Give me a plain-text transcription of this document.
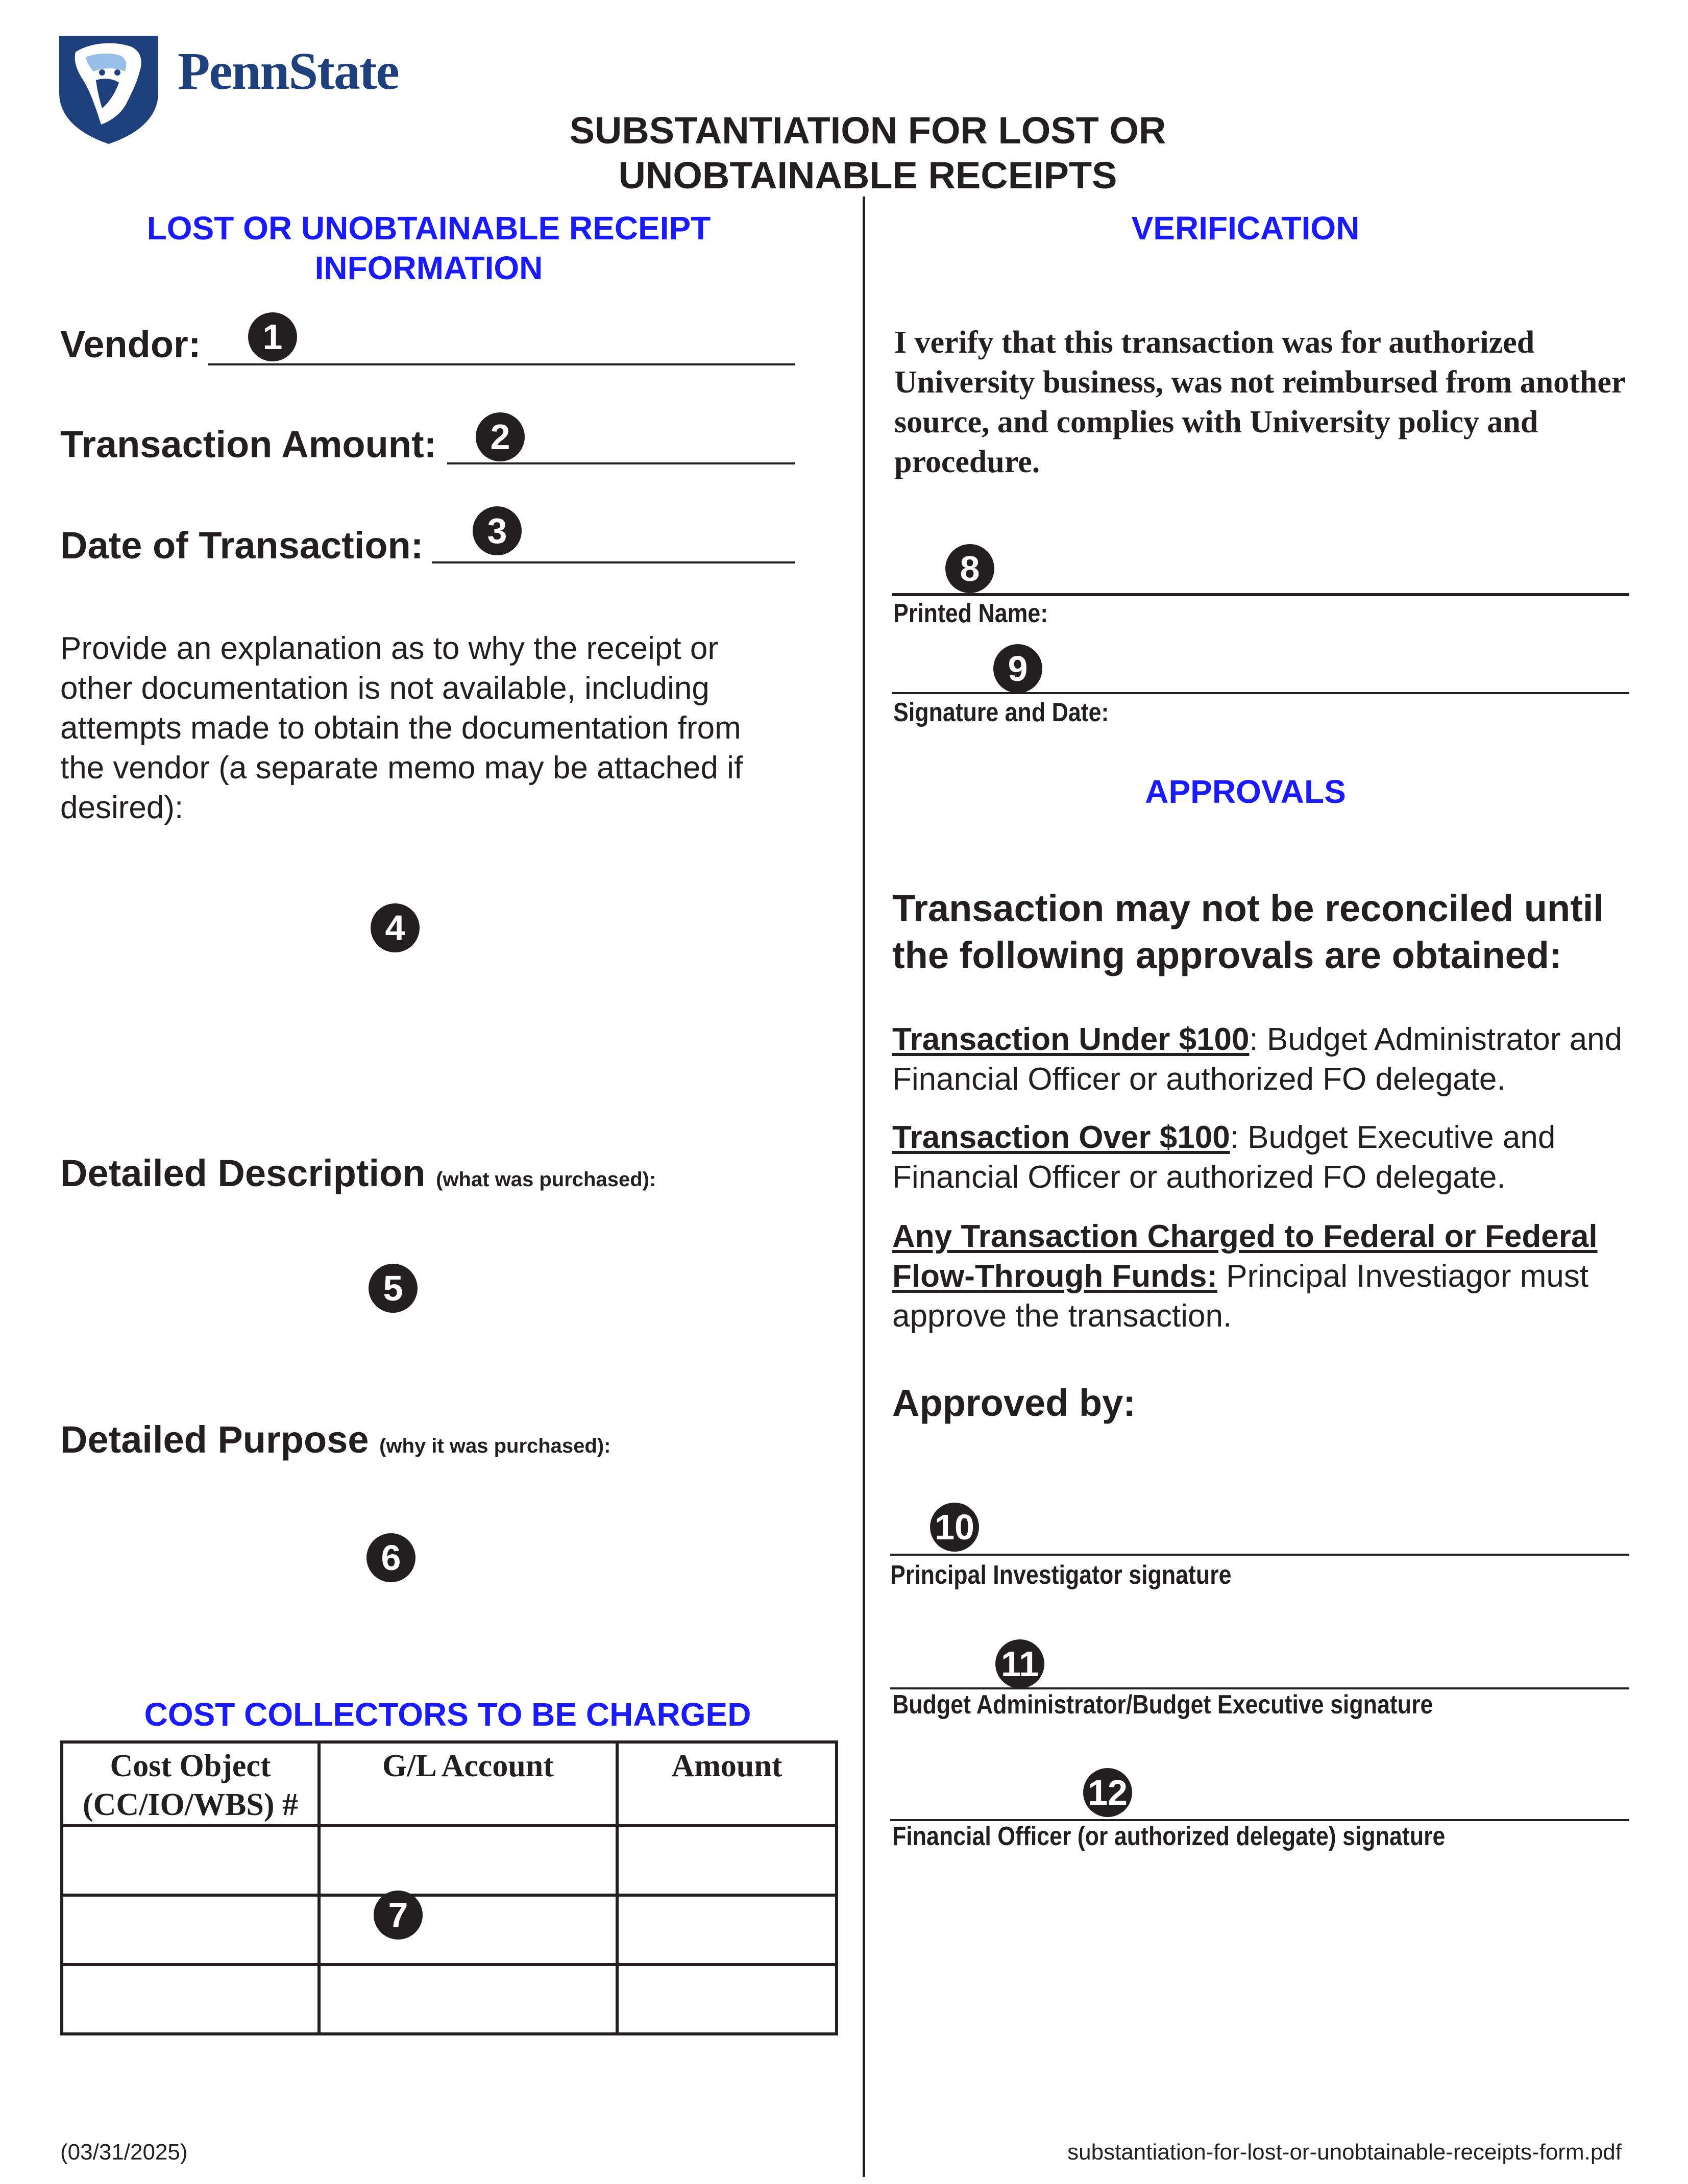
PennState
SUBSTANTIATION FOR LOST OR
UNOBTAINABLE RECEIPTS
LOST OR UNOBTAINABLE RECEIPT
INFORMATION
Vendor:	1
Transaction Amount:	2
Date of Transaction:	3
Provide an explanation as to why the receipt or other documentation is not available, including attempts made to obtain the documentation from the vendor (a separate memo may be attached if desired):
4
Detailed Description (what was purchased):
5
Detailed Purpose (why it was purchased):
6
COST COLLECTORS TO BE CHARGED
Cost Object (CC/IO/WBS) #	G/L Account	Amount

7
VERIFICATION
I verify that this transaction was for authorized University business, was not reimbursed from another source, and complies with University policy and procedure.
8
Printed Name:
9
Signature and Date:
APPROVALS
Transaction may not be reconciled until the following approvals are obtained:
Transaction Under $100: Budget Administrator and Financial Officer or authorized FO delegate.
Transaction Over $100: Budget Executive and Financial Officer or authorized FO delegate.
Any Transaction Charged to Federal or Federal Flow-Through Funds: Principal Investiagor must approve the transaction.
Approved by:
10
Principal Investigator signature
11
Budget Administrator/Budget Executive signature
12
Financial Officer (or authorized delegate) signature
(03/31/2025)	substantiation-for-lost-or-unobtainable-receipts-form.pdf
